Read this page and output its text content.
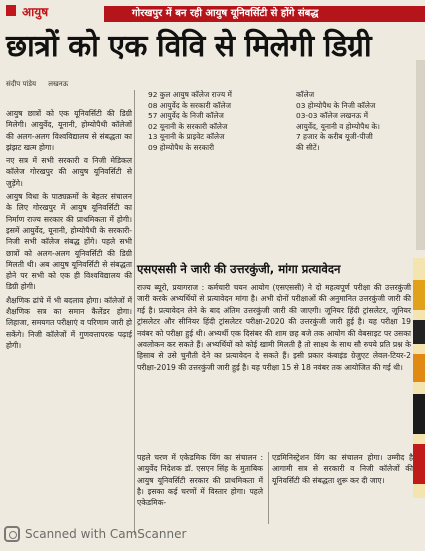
आयुष	गोरखपुर में बन रही आयुष यूनिवर्सिटी से होंगे संबद्ध
छात्रों को एक विवि से मिलेगी डिग्री
संदीप पांडेय लखनऊ

आयुष छात्रों को एक यूनिवर्सिटी की डिग्री मिलेगी। आयुर्वेद, यूनानी, होम्योपैथी कॉलेजों की अलग-अलग विश्वविद्यालय से संबद्धता का झंझट खत्म होगा।

नए सत्र में सभी सरकारी व निजी मेडिकल कॉलेज गोरखपुर की आयुष यूनिवर्सिटी से जुड़ेंगे।

आयुष विधा के पाठ्यक्रमों के बेहतर संचालन के लिए गोरखपुर में आयुष यूनिवर्सिटी का निर्माण राज्य सरकार की प्राथमिकता में होगी। इसमें आयुर्वेद, यूनानी, होम्योपैथी के सरकारी-निजी सभी कॉलेज संबद्ध होंगे। पहले सभी छात्रों को अलग-अलग यूनिवर्सिटी की डिग्री मिलती थी। अब आयुष यूनिवर्सिटी से संबद्धता होने पर सभी को एक ही विश्वविद्यालय की डिग्री होगी।

शैक्षणिक ढांचे में भी बदलाव होगा। कॉलेजों में शैक्षणिक सत्र का समान कैलेंडर होगा। लिहाजा, समयगत परीक्षाएं व परिणाम जारी हो सकेंगे। निजी कॉलेजों में गुणवत्तापरक पढ़ाई होगी।

92 कुल आयुष कॉलेज राज्य में
08 आयुर्वेद के सरकारी कॉलेज
57 आयुर्वेद के निजी कॉलेज
02 यूनानी के सरकारी कॉलेज
13 यूनानी के प्राइवेट कॉलेज
09 होम्योपैथ के सरकारी
कॉलेज
03 होम्योपैथ के निजी कॉलेज
03-03 कॉलेज लखनऊ में
आयुर्वेद, यूनानी व होम्योपैथ के।
7 हजार के करीब यूजी-पीजी
की सीटें।
एसएससी ने जारी की उत्तरकुंजी, मांगा प्रत्यावेदन
राज्य ब्यूरो, प्रयागराज : कर्मचारी चयन आयोग (एसएससी) ने दो महत्वपूर्ण परीक्षा की उत्तरकुंजी जारी करके अभ्यर्थियों से प्रत्यावेदन मांगा है। अभी दोनों परीक्षाओं की अनुमानित उत्तरकुंजी जारी की गई है। प्रत्यावेदन लेने के बाद अंतिम उत्तरकुंजी जारी की जाएगी। जूनियर हिंदी ट्रांसलेटर, जूनियर ट्रांसलेटर और सीनियर हिंदी ट्रांसलेटर परीक्षा-2020 की उत्तरकुंजी जारी हुई है। यह परीक्षा 19 नवंबर को परीक्षा हुई थी। अभ्यर्थी एक दिसंबर की शाम छह बजे तक आयोग की वेबसाइट पर उसका अवलोकन कर सकते हैं। अभ्यर्थियों को कोई खामी मिलती है तो साक्ष्य के साथ सौ रुपये प्रति प्रश्न के हिसाब से उसे चुनौती देने का प्रत्यावेदन दे सकते हैं। इसी प्रकार कंबाइंड ग्रेजुएट लेवल-टियर-2 परीक्षा-2019 की उत्तरकुंजी जारी हुई है। यह परीक्षा 15 से 18 नवंबर तक आयोजित की गई थी।
पहले चरण में एकेडमिक विंग का संचालन : आयुर्वेद निदेशक डॉ. एसएन सिंह के मुताबिक आयुष यूनिवर्सिटी सरकार की प्राथमिकता में है। इसका कई चरणों में विस्तार होगा। पहले एकेडमिक-
एडमिनिस्ट्रेशन विंग का संचालन होगा। उम्मीद है आगामी सत्र से सरकारी व निजी कॉलेजों की यूनिवर्सिटी की संबद्धता शुरू कर दी जाए।
Scanned with CamScanner
